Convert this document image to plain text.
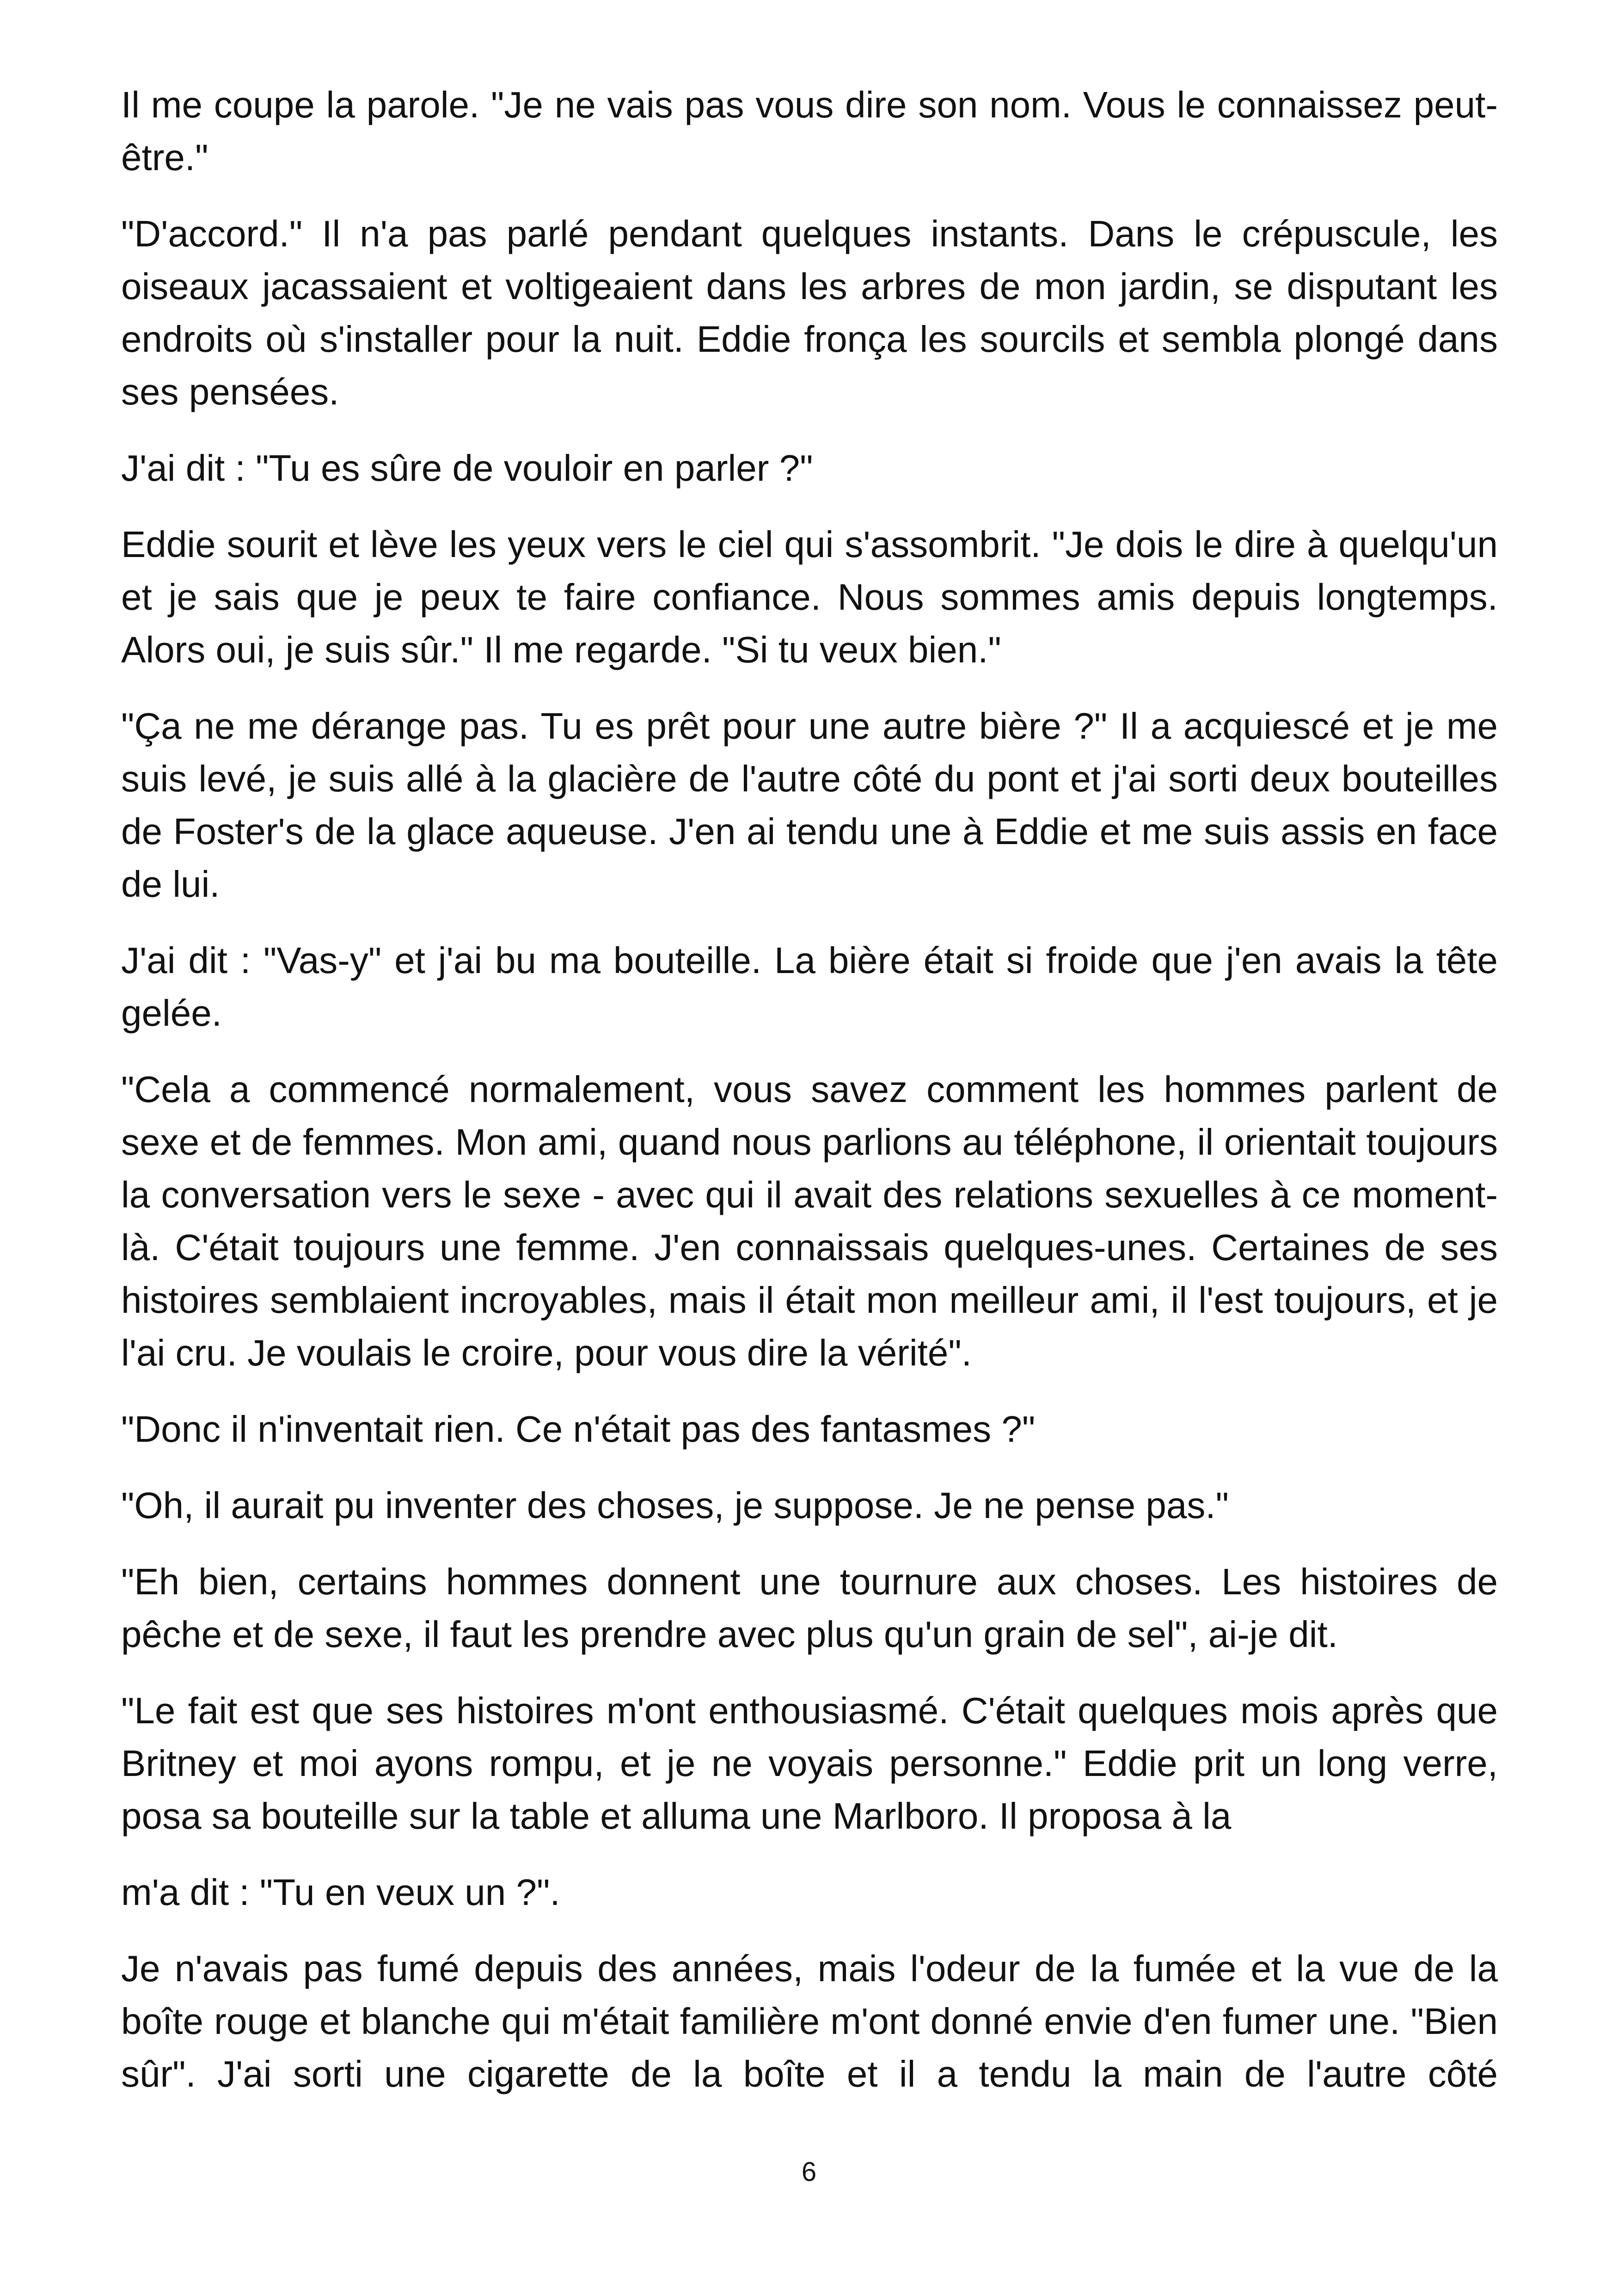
Il me coupe la parole. "Je ne vais pas vous dire son nom. Vous le connaissez peut-être."

"D'accord." Il n'a pas parlé pendant quelques instants. Dans le crépuscule, les oiseaux jacassaient et voltigeaient dans les arbres de mon jardin, se disputant les endroits où s'installer pour la nuit. Eddie fronça les sourcils et sembla plongé dans ses pensées.

J'ai dit : "Tu es sûre de vouloir en parler ?"

Eddie sourit et lève les yeux vers le ciel qui s'assombrit. "Je dois le dire à quelqu'un et je sais que je peux te faire confiance. Nous sommes amis depuis longtemps. Alors oui, je suis sûr." Il me regarde. "Si tu veux bien."

"Ça ne me dérange pas. Tu es prêt pour une autre bière ?" Il a acquiescé et je me suis levé, je suis allé à la glacière de l'autre côté du pont et j'ai sorti deux bouteilles de Foster's de la glace aqueuse. J'en ai tendu une à Eddie et me suis assis en face de lui.

J'ai dit : "Vas-y" et j'ai bu ma bouteille. La bière était si froide que j'en avais la tête gelée.

"Cela a commencé normalement, vous savez comment les hommes parlent de sexe et de femmes. Mon ami, quand nous parlions au téléphone, il orientait toujours la conversation vers le sexe - avec qui il avait des relations sexuelles à ce moment-là. C'était toujours une femme. J'en connaissais quelques-unes. Certaines de ses histoires semblaient incroyables, mais il était mon meilleur ami, il l'est toujours, et je l'ai cru. Je voulais le croire, pour vous dire la vérité".

"Donc il n'inventait rien. Ce n'était pas des fantasmes ?"

"Oh, il aurait pu inventer des choses, je suppose. Je ne pense pas."

"Eh bien, certains hommes donnent une tournure aux choses. Les histoires de pêche et de sexe, il faut les prendre avec plus qu'un grain de sel", ai-je dit.

"Le fait est que ses histoires m'ont enthousiasmé. C'était quelques mois après que Britney et moi ayons rompu, et je ne voyais personne." Eddie prit un long verre, posa sa bouteille sur la table et alluma une Marlboro. Il proposa à la

m'a dit : "Tu en veux un ?".

Je n'avais pas fumé depuis des années, mais l'odeur de la fumée et la vue de la boîte rouge et blanche qui m'était familière m'ont donné envie d'en fumer une. "Bien sûr". J'ai sorti une cigarette de la boîte et il a tendu la main de l'autre côté

6
